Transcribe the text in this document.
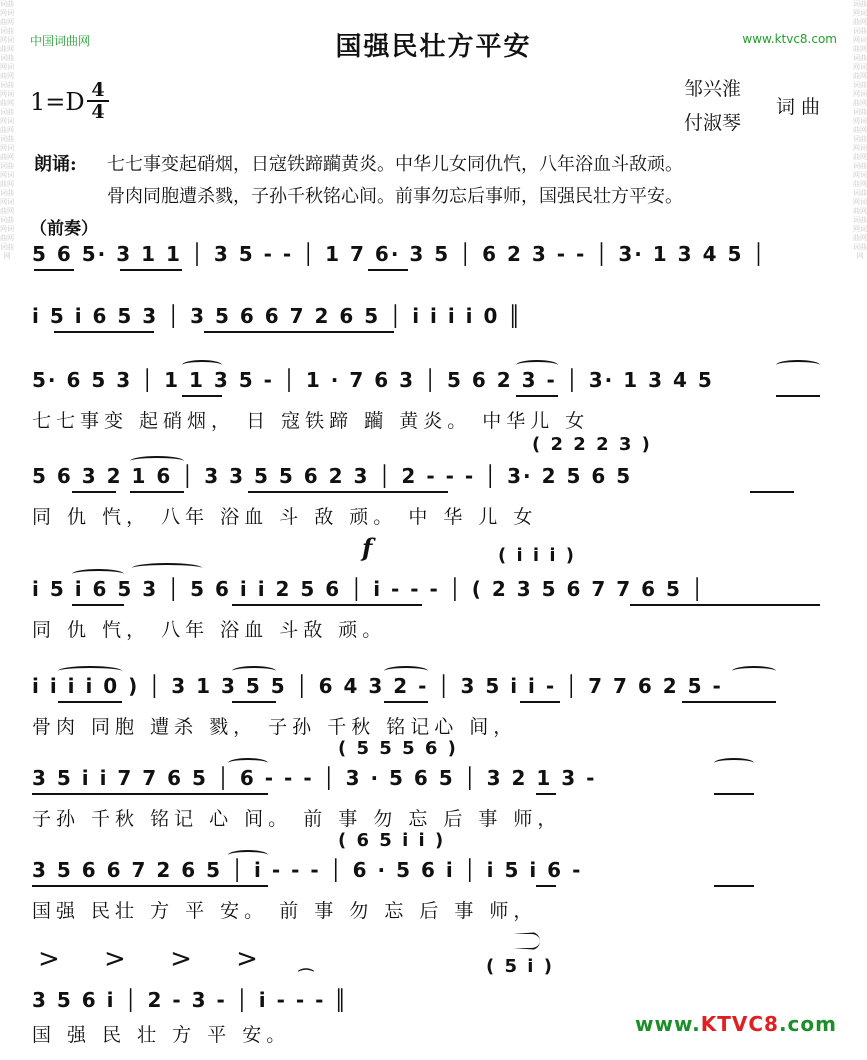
词曲网词曲网词曲网词曲网词曲网词曲网词曲网词曲网词曲网词曲网词曲网词曲网词曲网词曲网词曲网词曲网词曲网词曲网词曲网
词曲网词曲网词曲网词曲网词曲网词曲网词曲网词曲网词曲网词曲网词曲网词曲网词曲网词曲网词曲网词曲网词曲网词曲网词曲网
中国词曲网	www.ktvc8.com
国强民壮方平安
1=D 4
4
邹兴淮
付淑琴
词曲
朗诵: 七七事变起硝烟，日寇铁蹄躏黄炎。中华儿女同仇忾，八年浴血斗敌顽。
骨肉同胞遭杀戮，子孙千秋铭心间。前事勿忘后事师，国强民壮方平安。
（前奏）
5 6 5· 3 1 1 │ 3 5 - - │ 1 7 6· 3 5 │ 6 2 3 - - │ 3· 1 3 4 5 │
i 5 i 6 5 3 │ 3 5 6 6 7 2 6 5 │ i i i i 0 ║
5· 6 5 3 │ 1 1 3 5 - │ 1 · 7 6 3 │ 5 6 2 3 - │ 3· 1 3 4 5
七七事变 起硝烟， 日 寇铁蹄 躏 黄炎。 中华儿 女
( 2 2 2 3 )
5 6 3 2 1 6 │ 3 3 5 5 6 2 3 │ 2 - - - │ 3· 2 5 6 5
同 仇 忾， 八年 浴血 斗 敌 顽。 中 华 儿 女
f	( i i i )
i 5 i 6 5 3 │ 5 6 i i 2 5 6 │ i - - - │ ( 2 3 5 6 7 7 6 5 │
同 仇 忾， 八年 浴血 斗敌 顽。
i i i i 0 ) │ 3 1 3 5 5 │ 6 4 3 2 - │ 3 5 i i - │ 7 7 6 2 5 -
骨肉 同胞 遭杀 戮， 子孙 千秋 铭记心 间，
( 5 5 5 6 )
3 5 i i 7 7 6 5 │ 6 - - - │ 3 · 5 6 5 │ 3 2 1 3 -
子孙 千秋 铭记 心 间。 前 事 勿 忘 后 事 师，
( 6 5 i i )
3 5 6 6 7 2 6 5 │ i - - - │ 6 · 5 6 i │ i 5 i 6 -
国强 民壮 方 平 安。 前 事 勿 忘 后 事 师，
> > > >
⌒	( 5 i )
3 5 6 i │ 2 - 3 - │ i - - - ║
国 强 民 壮 方 平 安。	www.KTVC8.com
